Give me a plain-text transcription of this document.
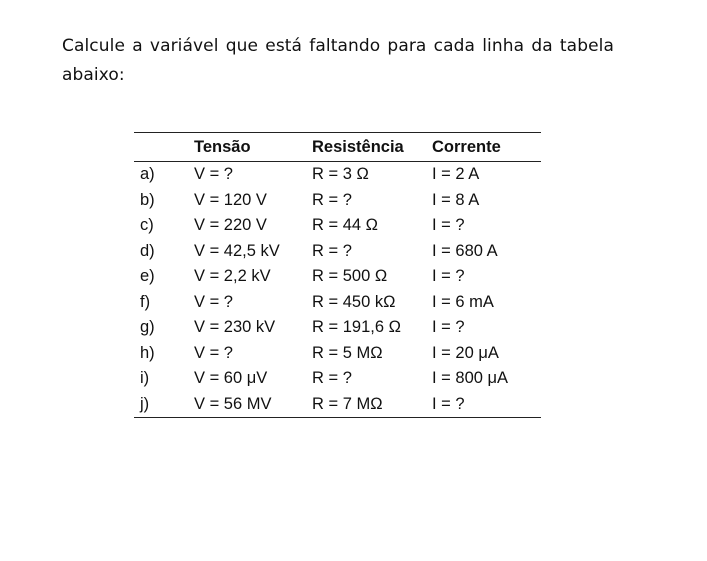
Calcule a variável que está faltando para cada linha da tabela abaixo:

	Tensão	Resistência	Corrente
a)	V = ?	R = 3 Ω	I = 2 A
b)	V = 120 V	R = ?	I = 8 A
c)	V = 220 V	R = 44 Ω	I = ?
d)	V = 42,5 kV	R = ?	I = 680 A
e)	V = 2,2 kV	R = 500 Ω	I = ?
f)	V = ?	R = 450 kΩ	I = 6 mA
g)	V = 230 kV	R = 191,6 Ω	I = ?
h)	V = ?	R = 5 MΩ	I = 20 μA
i)	V = 60 μV	R = ?	I = 800 μA
j)	V = 56 MV	R = 7 MΩ	I = ?
